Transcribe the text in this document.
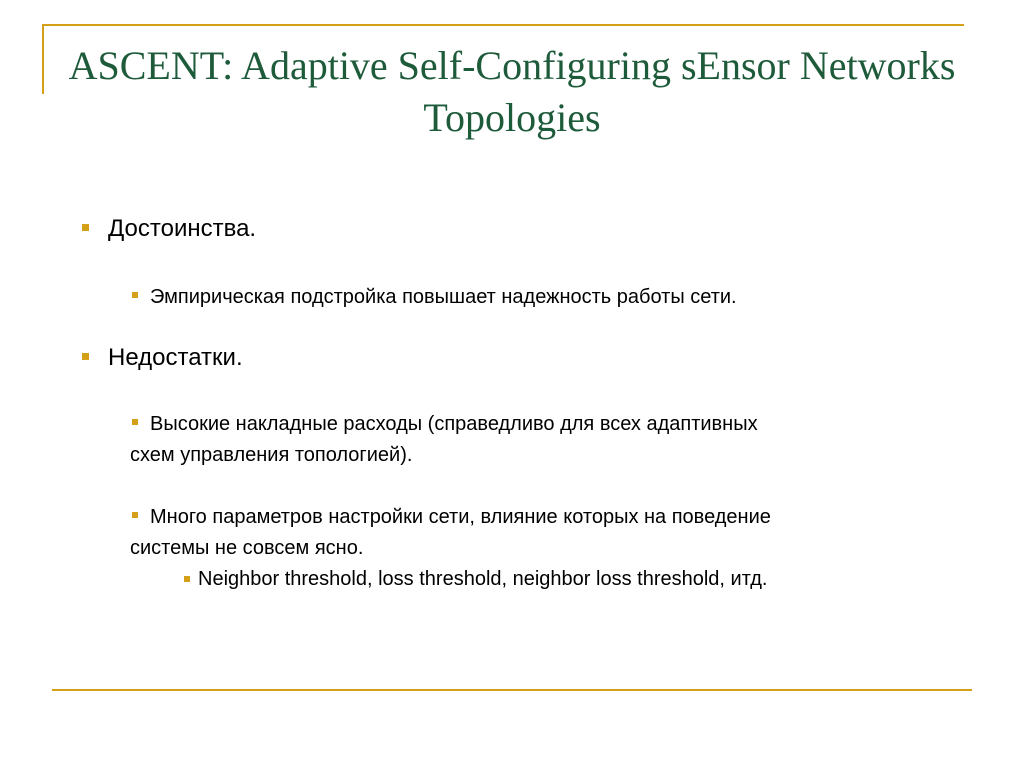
ASCENT: Adaptive Self-Configuring sEnsor Networks Topologies

Достоинства.

Эмпирическая подстройка повышает надежность работы сети.

Недостатки.

Высокие накладные расходы (справедливо для всех адаптивных

схем управления топологией).

Много параметров настройки сети, влияние которых на поведение

системы не совсем ясно.

Neighbor threshold, loss threshold, neighbor loss threshold, итд.
